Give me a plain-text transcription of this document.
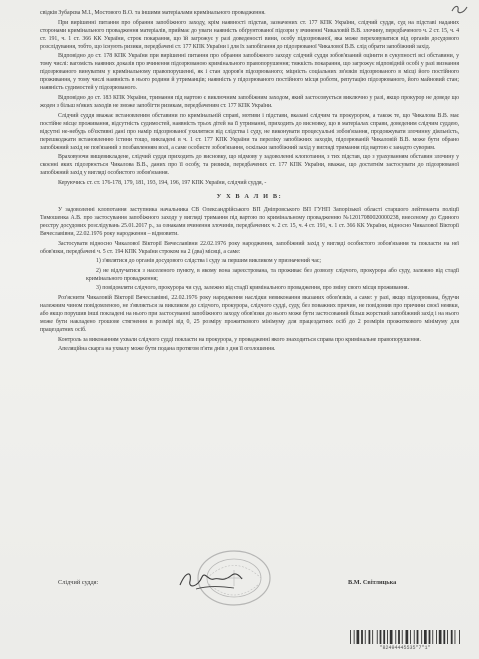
свідків Зубарєва М.І., Мостового В.О. та іншими матеріалами кримінального провадження.

При вирішенні питання про обрання запобіжного заходу, крім наявності підстав, зазначених ст. 177 КПК України, слідчий суддя, суд на підставі наданих сторонами кримінального провадження матеріалів, приймає до уваги наявність обґрунтованої підозри у вчиненні Чикаловій В.В. злочину, передбаченого ч. 2 ст. 15, ч. 4 ст. 191, ч. 1 ст. 366 КК України, строк покарання, що їй загрожує у разі доведеності вини, особу підозрюваної, яка може переховуватися від органів досудового розслідування, тобто, що існують ризики, передбачені ст. 177 КПК України і для їх запобігання до підозрюваної Чикалової В.В. слід обрати запобіжний захід.

Відповідно до ст. 178 КПК України при вирішенні питання про обрання запобіжного заходу слідчий суддя зобов'язаний оцінити в сукупності всі обставини, у тому числі: вагомість наявних доказів про вчинення підозрюваною кримінального правопорушення; тяжкість покарання, що загрожує відповідній особі у разі визнання підозрюваного винуватим у кримінальному правопорушенні, як і стан здоров'я підозрюваного; міцність соціальних зв'язків підозрюваного в місці його постійного проживання, у тому числі наявність в нього родини й утриманців; наявність у підозрюваного постійного місця роботи, репутацію підозрюваного, його майновий стан; наявність судимостей у підозрюваного.

Відповідно до ст. 183 КПК України, тримання під вартою є виключним запобіжним заходом, який застосовується виключно у разі, якщо прокурор не доведе що жоден з більш м'яких заходів не зможе запобігти ризикам, передбаченим ст. 177 КПК України.

Слідчий суддя вважає встановленим обставини по кримінальній справі, мотиви і підстави, вказані слідчим та прокурором, а також те, що Чикалова В.В. має постійне місце проживання, відсутність судимостей, наявність трьох дітей на її утриманні, приходить до висновку, що в матеріалах справи, доведеним слідчим суддею, відсутні не-небудь об'єктивні дані про намір підозрюваної ухилятися від слідства і суду, не виконувати процесуальні зобов'язання, продовжувати злочинну діяльність, перешкоджати встановленню істини тощо, викладені в ч. 1 ст. 177 КПК України та переліку запобіжних заходів, підозрюваній Чикаловій В.В. може бути обрано запобіжний захід не пов'язаний з позбавленням волі, а саме особисте зобов'язання, оскільки запобіжний захід у вигляді тримання під вартою є занадто суворим.

Враховуючи вищевикладене, слідчий суддя приходить до висновку, що відмову у задоволенні клопотання, з тих підстав, що з урахуванням обставин злочину у скоєнні яких підозрюється Чикалова В.В., даних про її особу, та ризиків, передбачених ст. 177 КПК України, вважає, що достатнім застосувати до підозрюваної запобіжний захід у вигляді особистого зобов'язання.

Керуючись ст. ст. 176-178, 179, 181, 193, 194, 196, 197 КПК України, слідчий суддя, -

У Х В А Л И В:

У задоволенні клопотання заступника начальника СВ Олександрійського ВП Дніпровського ВП ГУНП Запорізької області старшого лейтенанта поліції Тимошенка А.В. про застосування запобіжного заходу у вигляді тримання під вартою по кримінальному провадженню №12017080020000238, внесеному до Єдиного реєстру досудових розслідувань 25.01.2017 р., за ознаками вчинення злочинів, передбачених ч. 2 ст. 15, ч. 4 ст. 191, ч. 1 ст. 366 КК України, відносно Чикалової Вікторії Вячеславівни, 22.02.1976 року народження – відмовити.

Застосувати відносно Чикалової Вікторії Вячеславівни 22.02.1976 року народження, запобіжний захід у вигляді особистого зобов'язання та покласти на неї обов'язки, передбачені ч. 5 ст. 194 КПК України строком на 2 (два) місяці, а саме:

1) з'являтися до органів досудового слідства і суду за першим викликом у призначений час;

2) не відлучатися з населеного пункту, в якому вона зареєстрована, та проживає без дозволу слідчого, прокурора або суду, залежно від стадії кримінального провадження;

3) повідомляти слідчого, прокурора чи суд, залежно від стадії кримінального провадження, про зміну свого місця проживання.

Роз'яснити Чикаловій Вікторії Вячеславівні, 22.02.1976 року народження наслідки невиконання вказаних обов'язків, а саме: у разі, якщо підозрювана, будучи належним чином повідомленою, не з'являється за викликом до слідчого, прокурора, слідчого судді, суду, без поважних причин, не повідомив про причини своєї неявки, або якщо порушив інші покладені на нього при застосуванні запобіжного заходу обов'язки до нього може бути застосований більш жорсткий запобіжний захід і на нього може бути накладено грошове стягнення в розмірі від 0, 25 розміру прожиткового мінімуму для працездатних осіб до 2 розмірів прожиткового мінімуму для працездатних осіб.

Контроль за виконанням ухвали слідчого судді покласти на прокурора, у провадженні якого знаходиться справа про кримінальне правопорушення.

Апеляційна скарга на ухвалу може бути подана протягом п'яти днів з дня її оголошення.

Слідчий суддя:	В.М. Світлицька
*82494445535*7*1*
